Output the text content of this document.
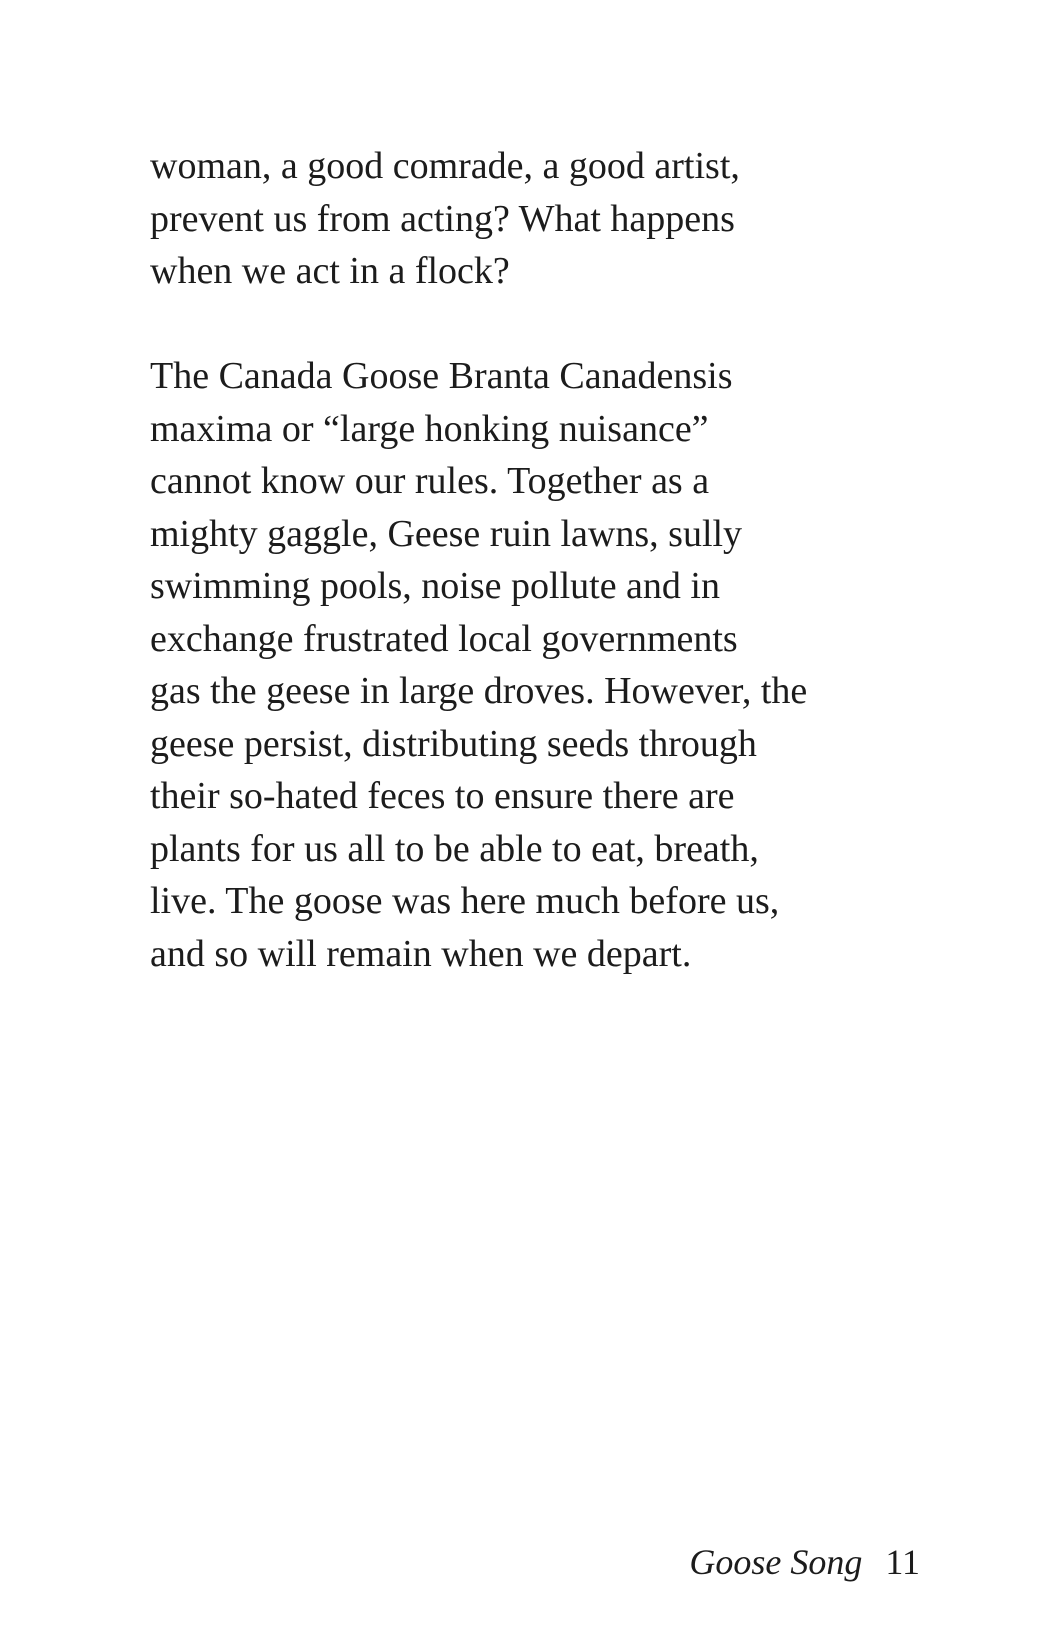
woman, a good comrade, a good artist,
prevent us from acting? What happens
when we act in a flock?

The Canada Goose Branta Canadensis
maxima or “large honking nuisance”
cannot know our rules. Together as a
mighty gaggle, Geese ruin lawns, sully
swimming pools, noise pollute and in
exchange frustrated local governments
gas the geese in large droves. However, the
geese persist, distributing seeds through
their so-hated feces to ensure there are
plants for us all to be able to eat, breath,
live. The goose was here much before us,
and so will remain when we depart.

Goose Song 11
